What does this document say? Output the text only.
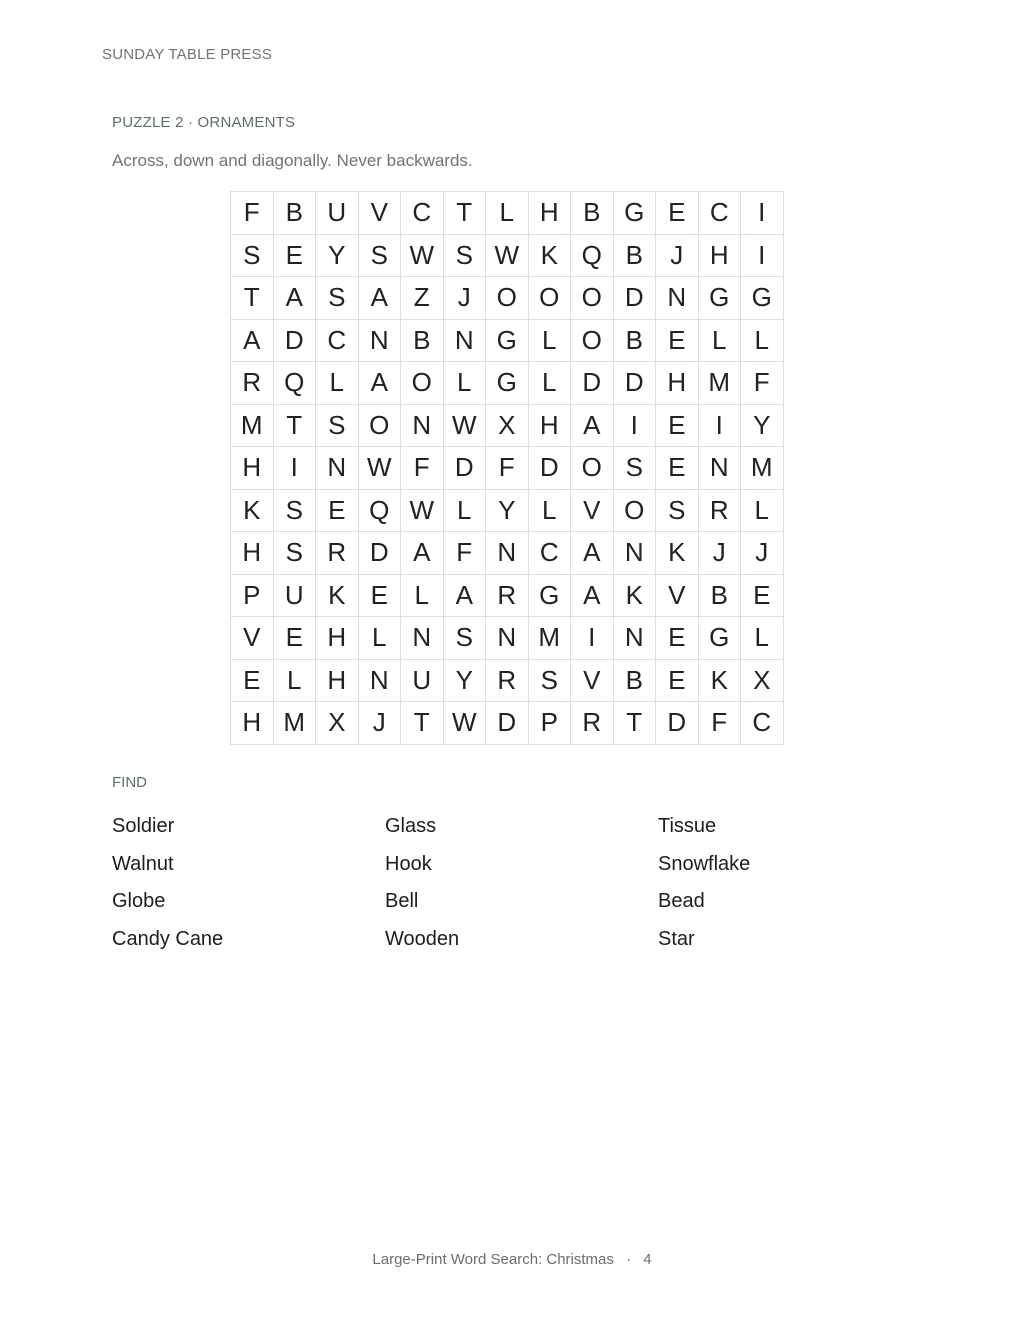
SUNDAY TABLE PRESS
PUZZLE 2 · ORNAMENTS
Across, down and diagonally. Never backwards.
F	B	U	V	C	T	L	H	B	G	E	C	I
S	E	Y	S	W	S	W	K	Q	B	J	H	I
T	A	S	A	Z	J	O	O	O	D	N	G	G
A	D	C	N	B	N	G	L	O	B	E	L	L
R	Q	L	A	O	L	G	L	D	D	H	M	F
M	T	S	O	N	W	X	H	A	I	E	I	Y
H	I	N	W	F	D	F	D	O	S	E	N	M
K	S	E	Q	W	L	Y	L	V	O	S	R	L
H	S	R	D	A	F	N	C	A	N	K	J	J
P	U	K	E	L	A	R	G	A	K	V	B	E
V	E	H	L	N	S	N	M	I	N	E	G	L
E	L	H	N	U	Y	R	S	V	B	E	K	X
H	M	X	J	T	W	D	P	R	T	D	F	C
FIND
Soldier	Glass	Tissue
Walnut	Hook	Snowflake
Globe	Bell	Bead
Candy Cane	Wooden	Star
Large-Print Word Search: Christmas · 4
